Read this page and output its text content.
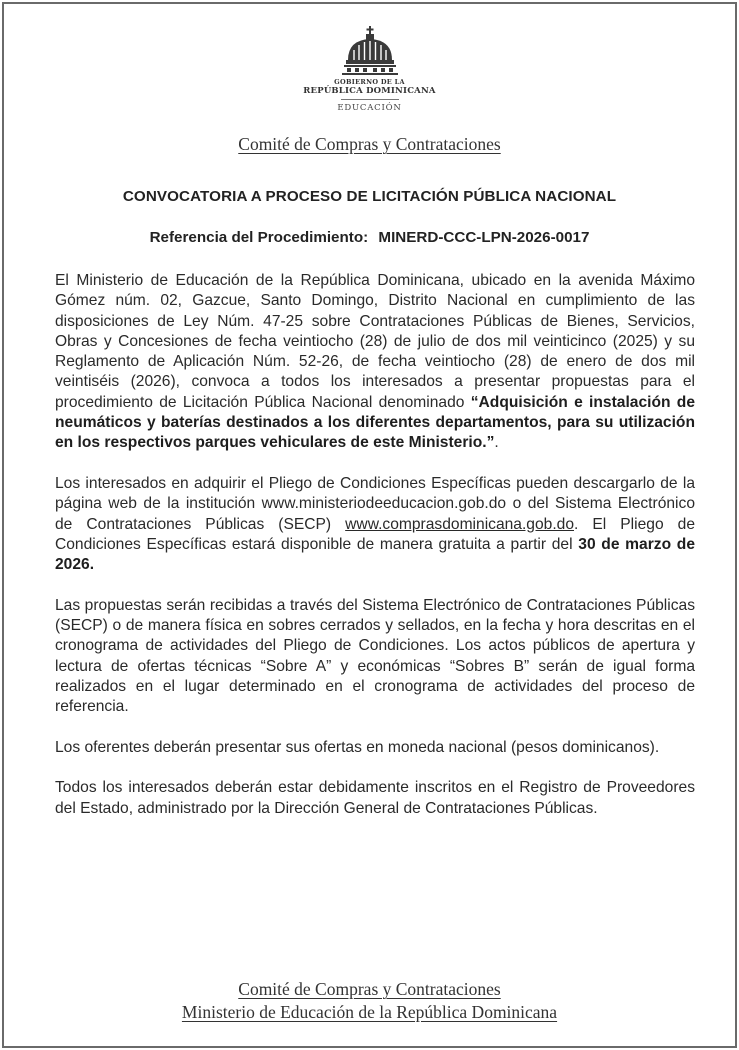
GOBIERNO DE LA
REPÚBLICA DOMINICANA
EDUCACIÓN
Comité de Compras y Contrataciones
CONVOCATORIA A PROCESO DE LICITACIÓN PÚBLICA NACIONAL
Referencia del Procedimiento: MINERD-CCC-LPN-2026-0017

El Ministerio de Educación de la República Dominicana, ubicado en la avenida Máximo Gómez núm. 02, Gazcue, Santo Domingo, Distrito Nacional en cumplimiento de las disposiciones de Ley Núm. 47-25 sobre Contrataciones Públicas de Bienes, Servicios, Obras y Concesiones de fecha veintiocho (28) de julio de dos mil veinticinco (2025) y su Reglamento de Aplicación Núm. 52-26, de fecha veintiocho (28) de enero de dos mil veintiséis (2026), convoca a todos los interesados a presentar propuestas para el procedimiento de Licitación Pública Nacional denominado “Adquisición e instalación de neumáticos y baterías destinados a los diferentes departamentos, para su utilización en los respectivos parques vehiculares de este Ministerio.”.

Los interesados en adquirir el Pliego de Condiciones Específicas pueden descargarlo de la página web de la institución www.ministeriodeeducacion.gob.do o del Sistema Electrónico de Contrataciones Públicas (SECP) www.comprasdominicana.gob.do. El Pliego de Condiciones Específicas estará disponible de manera gratuita a partir del 30 de marzo de 2026.

Las propuestas serán recibidas a través del Sistema Electrónico de Contrataciones Públicas (SECP) o de manera física en sobres cerrados y sellados, en la fecha y hora descritas en el cronograma de actividades del Pliego de Condiciones. Los actos públicos de apertura y lectura de ofertas técnicas “Sobre A” y económicas “Sobres B” serán de igual forma realizados en el lugar determinado en el cronograma de actividades del proceso de referencia.

Los oferentes deberán presentar sus ofertas en moneda nacional (pesos dominicanos).

Todos los interesados deberán estar debidamente inscritos en el Registro de Proveedores del Estado, administrado por la Dirección General de Contrataciones Públicas.

Comité de Compras y Contrataciones
Ministerio de Educación de la República Dominicana
